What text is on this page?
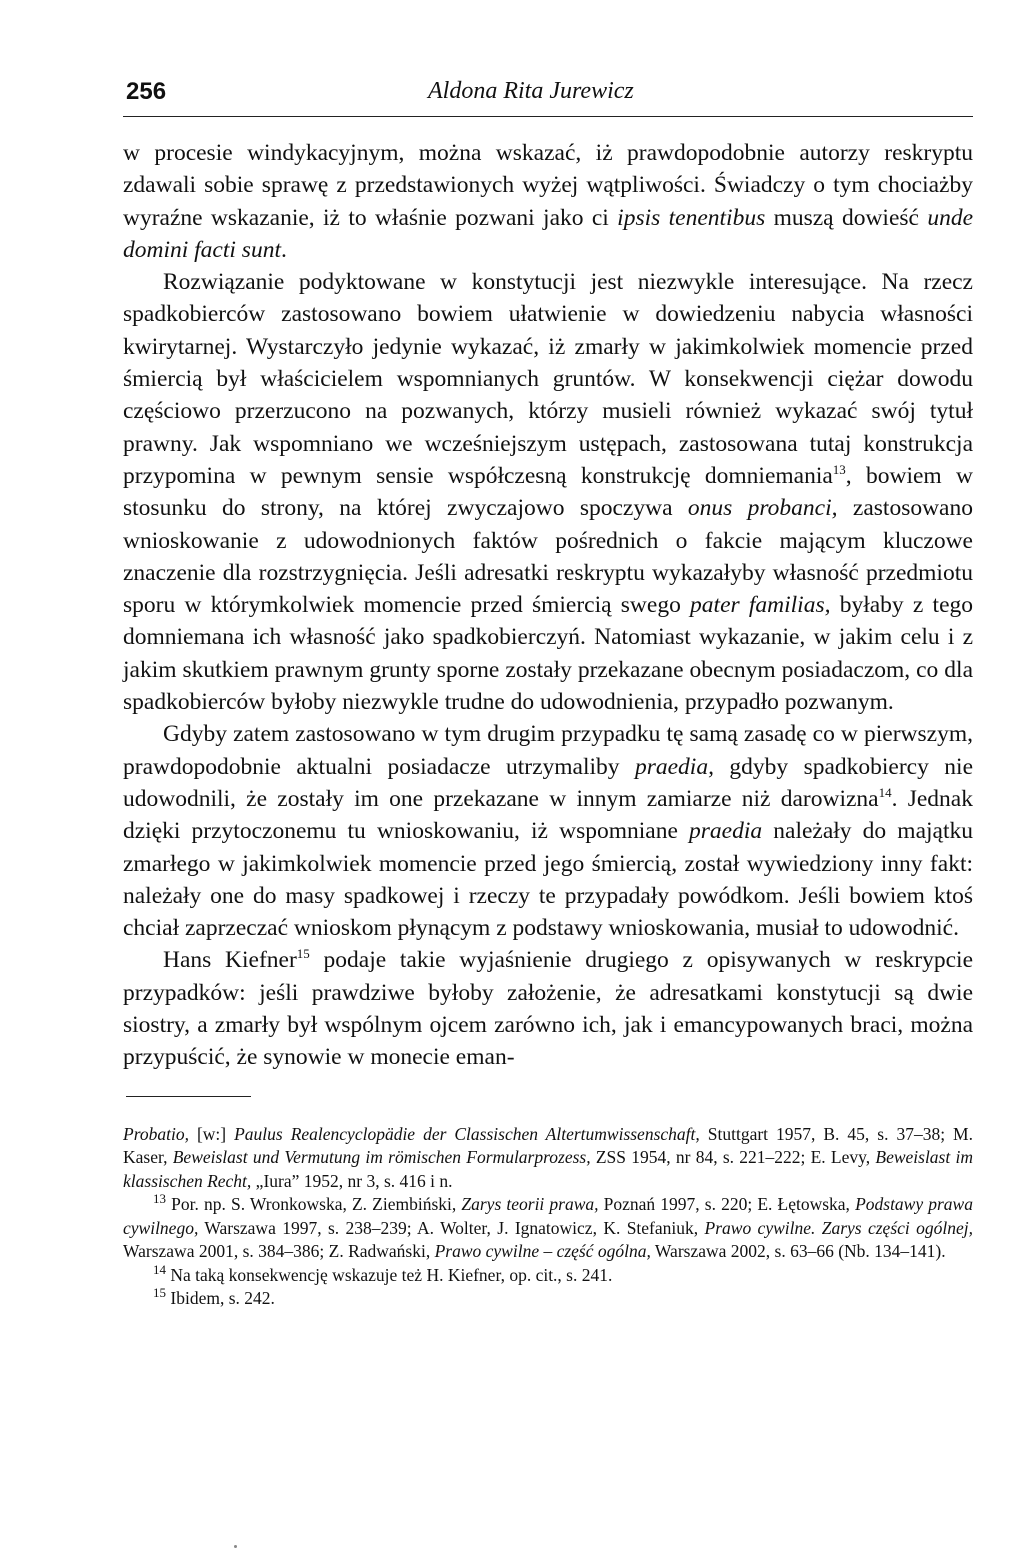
256	Aldona Rita Jurewicz

w procesie windykacyjnym, można wskazać, iż prawdopodobnie autorzy reskryptu zdawali sobie sprawę z przedstawionych wyżej wątpliwości. Świadczy o tym chociażby wyraźne wskazanie, iż to właśnie pozwani jako ci ipsis tenentibus muszą dowieść unde domini facti sunt.

Rozwiązanie podyktowane w konstytucji jest niezwykle interesujące. Na rzecz spadkobierców zastosowano bowiem ułatwienie w dowiedzeniu nabycia własności kwirytarnej. Wystarczyło jedynie wykazać, iż zmarły w jakimkolwiek momencie przed śmiercią był właścicielem wspomnianych gruntów. W konsekwencji ciężar dowodu częściowo przerzucono na pozwanych, którzy musieli również wykazać swój tytuł prawny. Jak wspomniano we wcześniejszym ustępach, zastosowana tutaj konstrukcja przypomina w pewnym sensie współczesną konstrukcję domniemania$^{13}$, bowiem w stosunku do strony, na której zwyczajowo spoczywa onus probanci, zastosowano wnioskowanie z udowodnionych faktów pośrednich o fakcie mającym kluczowe znaczenie dla rozstrzygnięcia. Jeśli adresatki reskryptu wykazałyby własność przedmiotu sporu w którymkolwiek momencie przed śmiercią swego pater familias, byłaby z tego domniemana ich własność jako spadkobierczyń. Natomiast wykazanie, w jakim celu i z jakim skutkiem prawnym grunty sporne zostały przekazane obecnym posiadaczom, co dla spadkobierców byłoby niezwykle trudne do udowodnienia, przypadło pozwanym.

Gdyby zatem zastosowano w tym drugim przypadku tę samą zasadę co w pierwszym, prawdopodobnie aktualni posiadacze utrzymaliby praedia, gdyby spadkobiercy nie udowodnili, że zostały im one przekazane w innym zamiarze niż darowizna$^{14}$. Jednak dzięki przytoczonemu tu wnioskowaniu, iż wspomniane praedia należały do majątku zmarłego w jakimkolwiek momencie przed jego śmiercią, został wywiedziony inny fakt: należały one do masy spadkowej i rzeczy te przypadały powódkom. Jeśli bowiem ktoś chciał zaprzeczać wnioskom płynącym z podstawy wnioskowania, musiał to udowodnić.

Hans Kiefner$^{15}$ podaje takie wyjaśnienie drugiego z opisywanych w reskrypcie przypadków: jeśli prawdziwe byłoby założenie, że adresatkami konstytucji są dwie siostry, a zmarły był wspólnym ojcem zarówno ich, jak i emancypowanych braci, można przypuścić, że synowie w monecie eman-

Probatio, [w:] Paulus Realencyclopädie der Classischen Altertumwissenschaft, Stuttgart 1957, B. 45, s. 37–38; M. Kaser, Beweislast und Vermutung im römischen Formularprozess, ZSS 1954, nr 84, s. 221–222; E. Levy, Beweislast im klassischen Recht, „Iura” 1952, nr 3, s. 416 i n.

$^{13}$ Por. np. S. Wronkowska, Z. Ziembiński, Zarys teorii prawa, Poznań 1997, s. 220; E. Łętowska, Podstawy prawa cywilnego, Warszawa 1997, s. 238–239; A. Wolter, J. Ignatowicz, K. Stefaniuk, Prawo cywilne. Zarys części ogólnej, Warszawa 2001, s. 384–386; Z. Radwański, Prawo cywilne – część ogólna, Warszawa 2002, s. 63–66 (Nb. 134–141).

$^{14}$ Na taką konsekwencję wskazuje też H. Kiefner, op. cit., s. 241.

$^{15}$ Ibidem, s. 242.
